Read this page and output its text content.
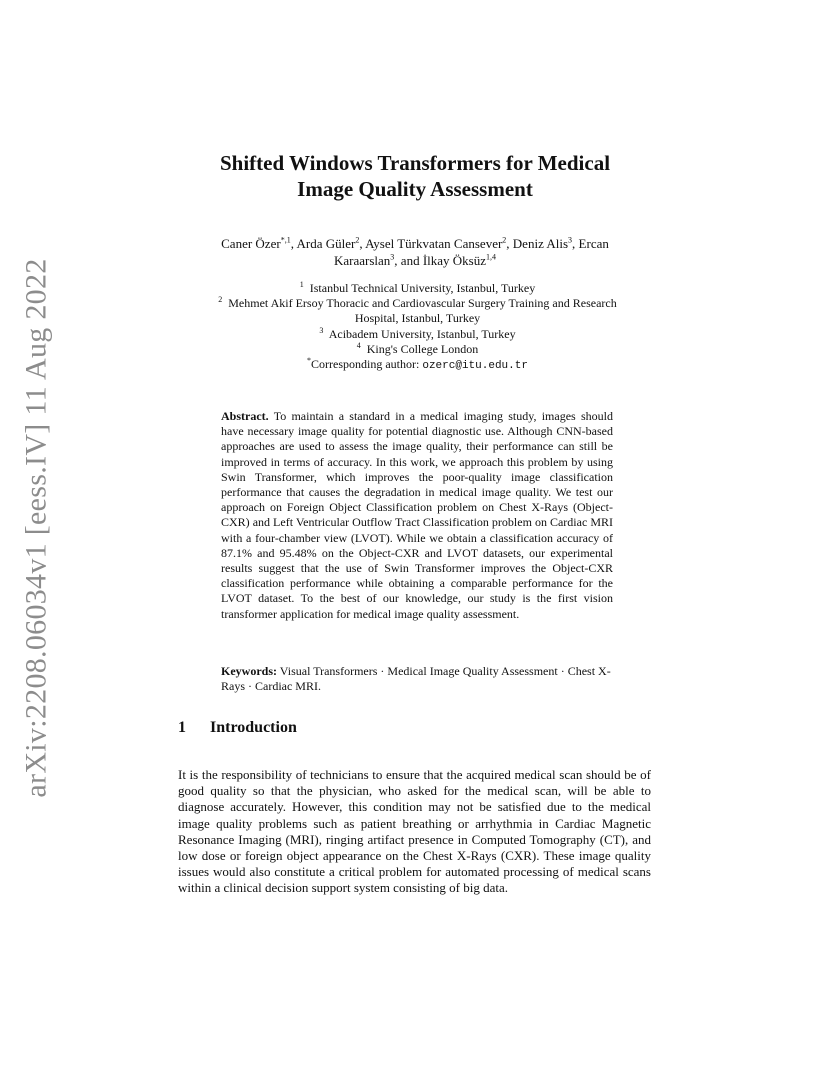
arXiv:2208.06034v1 [eess.IV] 11 Aug 2022
Shifted Windows Transformers for Medical
Image Quality Assessment
Caner Özer$^{*,1}$, Arda Güler$^2$, Aysel Türkvatan Cansever$^2$, Deniz Alis$^3$, Ercan
Karaarslan$^3$, and İlkay Öksüz$^{1,4}$
$^1$ Istanbul Technical University, Istanbul, Turkey
$^2$ Mehmet Akif Ersoy Thoracic and Cardiovascular Surgery Training and Research
Hospital, Istanbul, Turkey
$^3$ Acibadem University, Istanbul, Turkey
$^4$ King's College London
*Corresponding author: ozerc@itu.edu.tr

Abstract. To maintain a standard in a medical imaging study, images should have necessary image quality for potential diagnostic use. Although CNN-based approaches are used to assess the image quality, their performance can still be improved in terms of accuracy. In this work, we approach this problem by using Swin Transformer, which improves the poor-quality image classification performance that causes the degradation in medical image quality. We test our approach on Foreign Object Classification problem on Chest X-Rays (Object-CXR) and Left Ventricular Outflow Tract Classification problem on Cardiac MRI with a four-chamber view (LVOT). While we obtain a classification accuracy of 87.1% and 95.48% on the Object-CXR and LVOT datasets, our experimental results suggest that the use of Swin Transformer improves the Object-CXR classification performance while obtaining a comparable performance for the LVOT dataset. To the best of our knowledge, our study is the first vision transformer application for medical image quality assessment.

Keywords: Visual Transformers · Medical Image Quality Assessment · Chest X-Rays · Cardiac MRI.

1 Introduction

It is the responsibility of technicians to ensure that the acquired medical scan should be of good quality so that the physician, who asked for the medical scan, will be able to diagnose accurately. However, this condition may not be satisfied due to the medical image quality problems such as patient breathing or arrhythmia in Cardiac Magnetic Resonance Imaging (MRI), ringing artifact presence in Computed Tomography (CT), and low dose or foreign object appearance on the Chest X-Rays (CXR). These image quality issues would also constitute a critical problem for automated processing of medical scans within a clinical decision support system consisting of big data.
